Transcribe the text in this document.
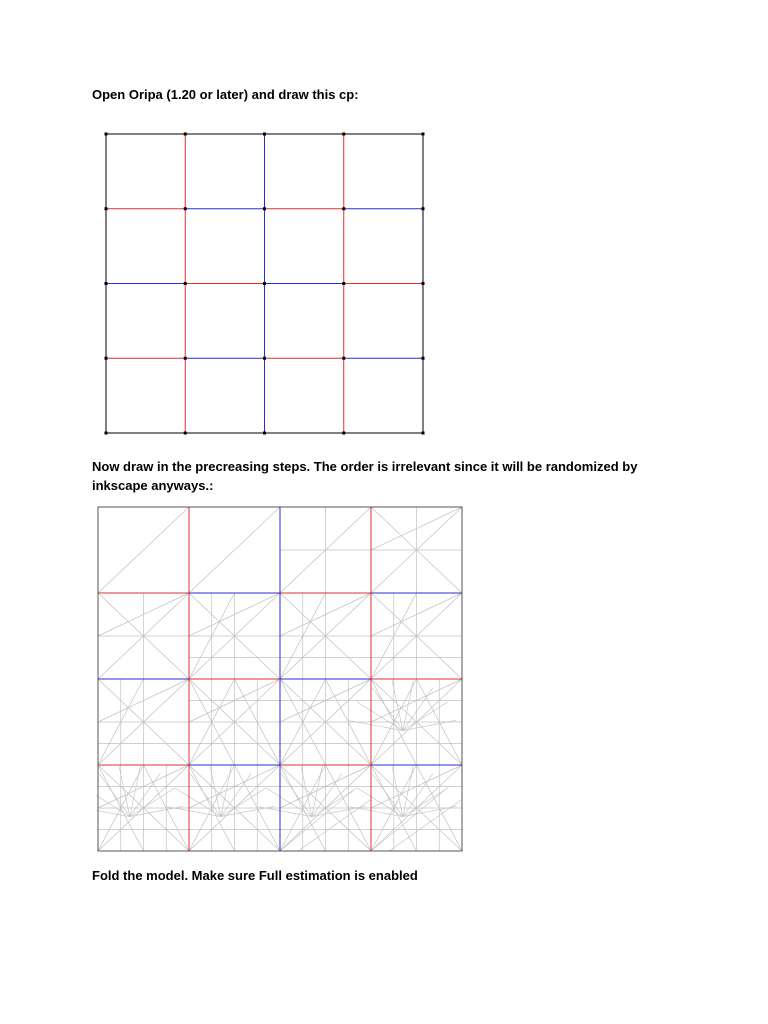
Open Oripa (1.20 or later) and draw this cp:

Now draw in the precreasing steps. The order is irrelevant since it will be randomized by inkscape anyways.:

Fold the model. Make sure Full estimation is enabled
